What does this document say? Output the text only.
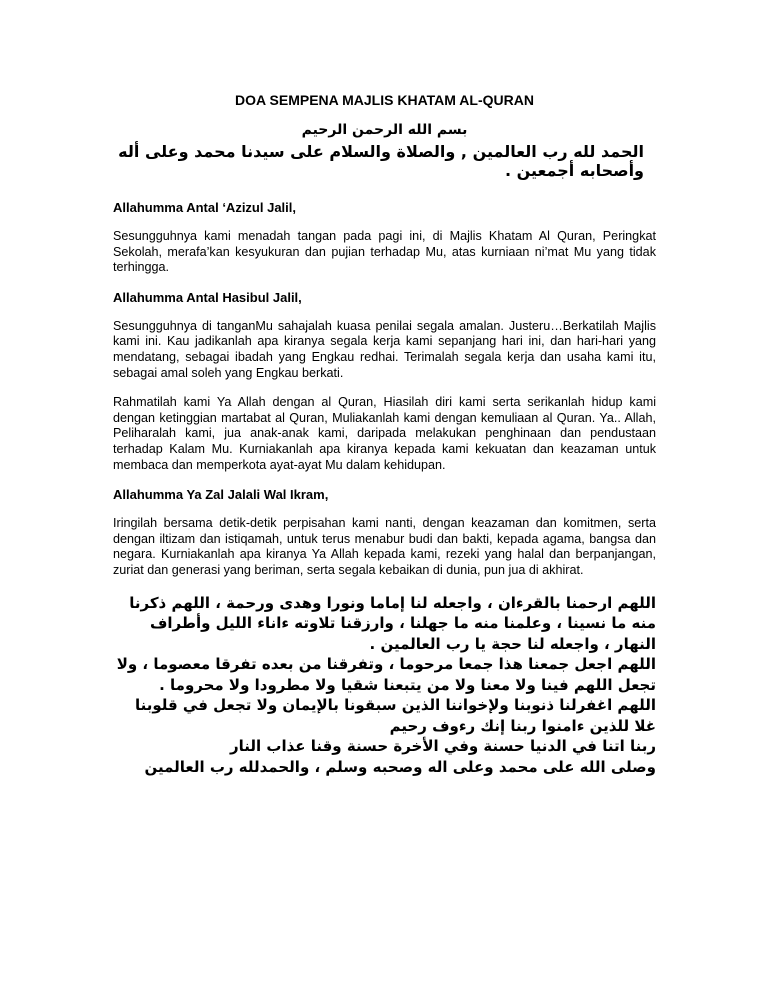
DOA SEMPENA MAJLIS KHATAM AL-QURAN
بسم الله الرحمن الرحيم
الحمد لله رب العالمين , والصلاة والسلام على سيدنا محمد وعلى أله وأصحابه أجمعين .
Allahumma Antal ‘Azizul Jalil,
Sesungguhnya kami menadah tangan pada pagi ini, di Majlis Khatam Al Quran, Peringkat Sekolah, merafa’kan kesyukuran dan pujian terhadap Mu, atas kurniaan ni’mat Mu yang tidak terhingga.
Allahumma Antal Hasibul Jalil,
Sesungguhnya di tanganMu sahajalah kuasa penilai segala amalan. Justeru…Berkatilah Majlis kami ini. Kau jadikanlah apa kiranya segala kerja kami sepanjang hari ini, dan hari-hari yang mendatang, sebagai ibadah yang Engkau redhai. Terimalah segala kerja dan usaha kami itu, sebagai amal soleh yang Engkau berkati.
Rahmatilah kami Ya Allah dengan al Quran, Hiasilah diri kami serta serikanlah hidup kami dengan ketinggian martabat al Quran, Muliakanlah kami dengan kemuliaan al Quran. Ya.. Allah, Peliharalah kami, jua anak-anak kami, daripada melakukan penghinaan dan pendustaan terhadap Kalam Mu. Kurniakanlah apa kiranya kepada kami kekuatan dan keazaman untuk membaca dan memperkota ayat-ayat Mu dalam kehidupan.
Allahumma Ya Zal Jalali Wal Ikram,
Iringilah bersama detik-detik perpisahan kami nanti, dengan keazaman dan komitmen, serta dengan iltizam dan istiqamah, untuk terus menabur budi dan bakti, kepada agama, bangsa dan negara. Kurniakanlah apa kiranya Ya Allah kepada kami, rezeki yang halal dan berpanjangan, zuriat dan generasi yang beriman, serta segala kebaikan di dunia, pun jua di akhirat.
اللهم ارحمنا بالقرءان ، واجعله لنا إماما ونورا وهدى ورحمة ، اللهم ذكرنا منه ما نسينا ، وعلمنا منه ما جهلنا ، وارزقنا تلاوته ءاناء الليل وأطراف النهار ، واجعله لنا حجة يا رب العالمين .
اللهم اجعل جمعنا هذا جمعا مرحوما ، وتفرقنا من بعده تفرقا معصوما ، ولا تجعل اللهم فينا ولا معنا ولا من يتبعنا شقيا ولا مطرودا ولا محروما .
اللهم اغفرلنا ذنوبنا ولإخواننا الذين سبقونا بالإيمان ولا تجعل في قلوبنا غلا للذين ءامنوا ربنا إنك رءوف رحيم
ربنا اتنا في الدنيا حسنة وفي الأخرة حسنة وقنا عذاب النار
وصلى الله على محمد وعلى اله وصحبه وسلم ، والحمدلله رب العالمين
